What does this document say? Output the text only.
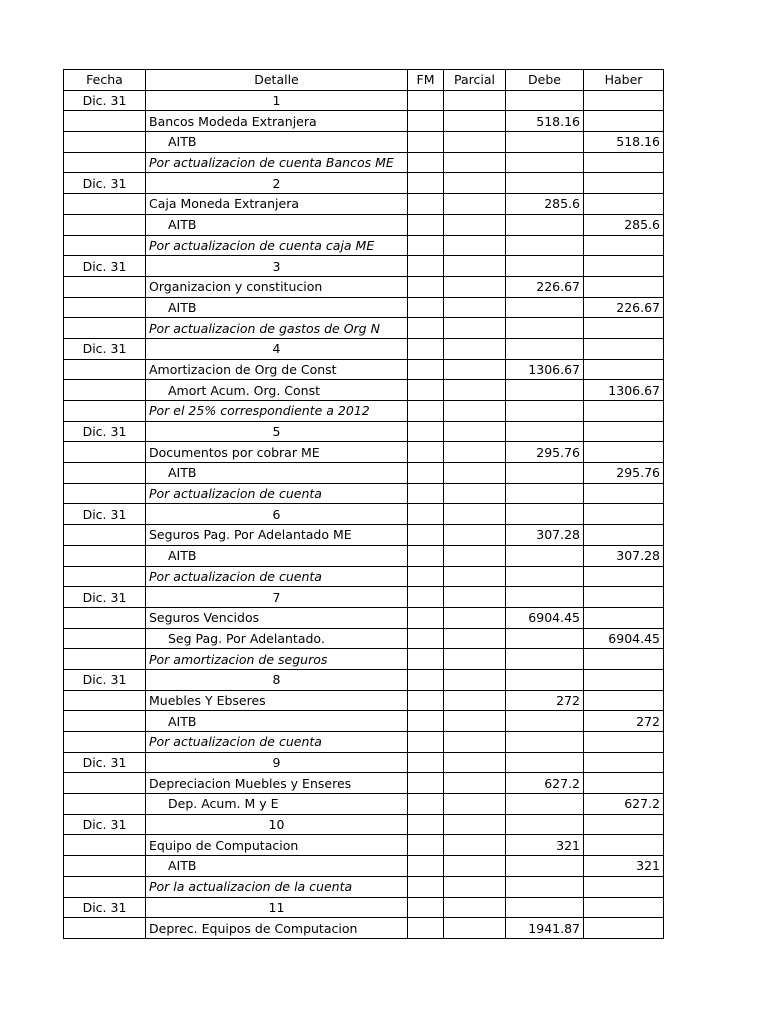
Fecha	Detalle	FM	Parcial	Debe	Haber
Dic. 31	1				
	Bancos Modeda Extranjera			518.16	
	AITB				518.16
	Por actualizacion de cuenta Bancos ME				
Dic. 31	2				
	Caja Moneda Extranjera			285.6	
	AITB				285.6
	Por actualizacion de cuenta caja ME				
Dic. 31	3				
	Organizacion y constitucion			226.67	
	AITB				226.67
	Por actualizacion de gastos de Org N				
Dic. 31	4				
	Amortizacion de Org de Const			1306.67	
	Amort Acum. Org. Const				1306.67
	Por el 25% correspondiente a 2012				
Dic. 31	5				
	Documentos por cobrar ME			295.76	
	AITB				295.76
	Por actualizacion de cuenta				
Dic. 31	6				
	Seguros Pag. Por Adelantado ME			307.28	
	AITB				307.28
	Por actualizacion de cuenta				
Dic. 31	7				
	Seguros Vencidos			6904.45	
	Seg Pag. Por Adelantado.				6904.45
	Por amortizacion de seguros				
Dic. 31	8				
	Muebles Y Ebseres			272	
	AITB				272
	Por actualizacion de cuenta				
Dic. 31	9				
	Depreciacion Muebles y Enseres			627.2	
	Dep. Acum. M y E				627.2
Dic. 31	10				
	Equipo de Computacion			321	
	AITB				321
	Por la actualizacion de la cuenta				
Dic. 31	11				
	Deprec. Equipos de Computacion			1941.87	
